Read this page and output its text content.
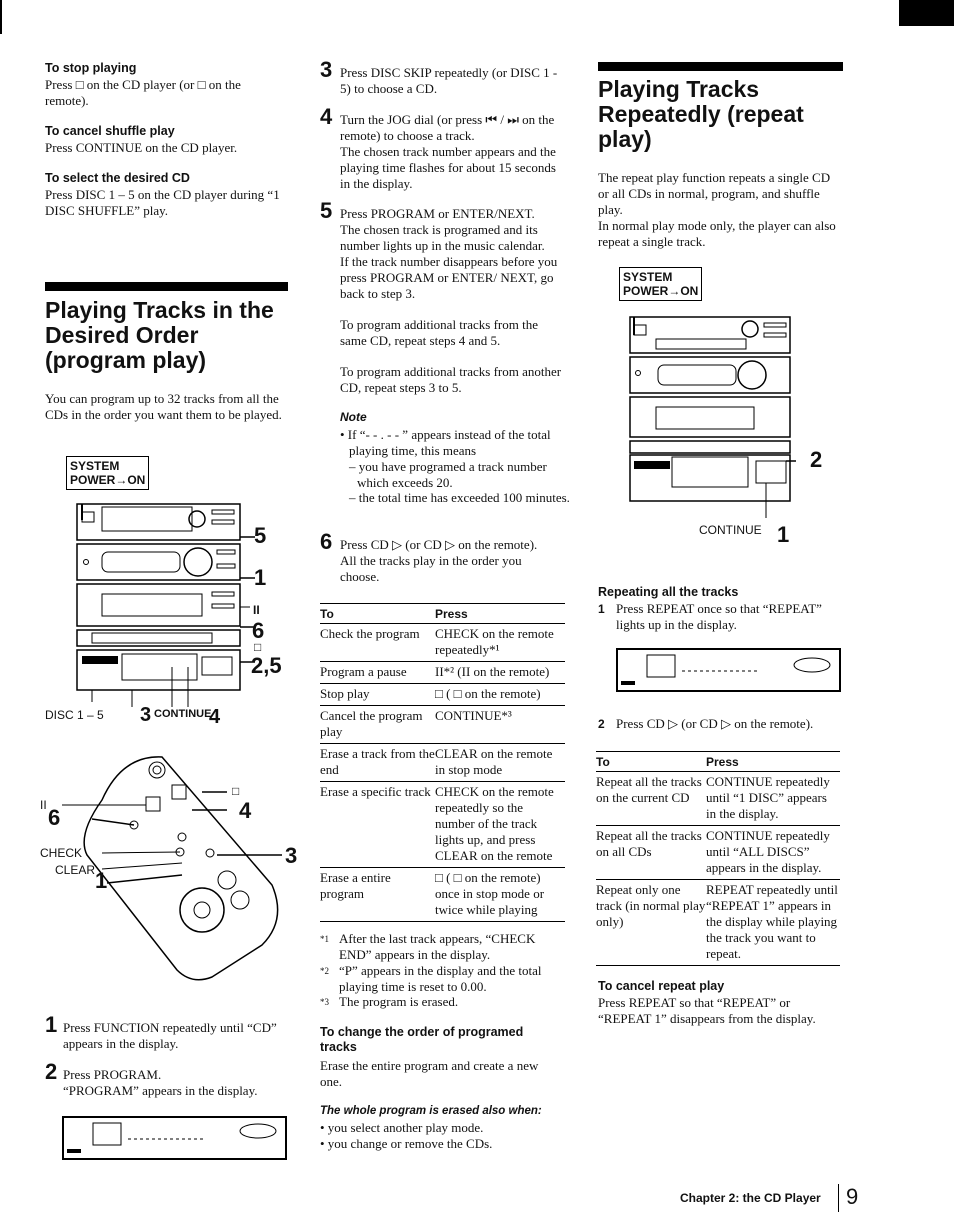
To stop playing
Press □ on the CD player (or □ on the remote).
To cancel shuffle play
Press CONTINUE on the CD player.
To select the desired CD
Press DISC 1 – 5 on the CD player during “1 DISC SHUFFLE” play.
Playing Tracks in the Desired Order (program play)
You can program up to 32 tracks from all the CDs in the order you want them to be played.
SYSTEM
POWER→ON
5
1
II
6
□
2,5
DISC 1 – 5 3 CONTINUE
4
II
□
6	4
3
CHECK
CLEAR 1
1 Press FUNCTION repeatedly until “CD” appears in the display.
2 Press PROGRAM.
“PROGRAM” appears in the display.
3 Press DISC SKIP repeatedly (or DISC 1 - 5) to choose a CD.
4 Turn the JOG dial (or press ⏮ / ⏭ on the remote) to choose a track.
The chosen track number appears and the playing time flashes for about 15 seconds in the display.
5 Press PROGRAM or ENTER/NEXT.
The chosen track is programed and its number lights up in the music calendar.
If the track number disappears before you press PROGRAM or ENTER/ NEXT, go back to step 3.
To program additional tracks from the same CD, repeat steps 4 and 5.
To program additional tracks from another CD, repeat steps 3 to 5.
Note
• If “- - . - - ” appears instead of the total playing time, this means
– you have programed a track number which exceeds 20.
– the total time has exceeded 100 minutes.
6 Press CD ▷ (or CD ▷ on the remote).
All the tracks play in the order you choose.
To	Press
Check the program	CHECK on the remote repeatedly*¹
Program a pause	II*² (II on the remote)
Stop play	□ ( □ on the remote)
Cancel the program play	CONTINUE*³
Erase a track from the end	CLEAR on the remote in stop mode
Erase a specific track	CHECK on the remote repeatedly so the number of the track lights up, and press CLEAR on the remote
Erase a entire program	□ ( □ on the remote) once in stop mode or twice while playing
*1 After the last track appears, “CHECK END” appears in the display.
*2 “P” appears in the display and the total playing time is reset to 0.00.
*3 The program is erased.
To change the order of programed tracks
Erase the entire program and create a new one.
The whole program is erased also when:
• you select another play mode.
• you change or remove the CDs.
Playing Tracks Repeatedly (repeat play)
The repeat play function repeats a single CD or all CDs in normal, program, and shuffle play.
In normal play mode only, the player can also repeat a single track.
SYSTEM
POWER→ON
2
CONTINUE 1
Repeating all the tracks
1 Press REPEAT once so that “REPEAT” lights up in the display.
2 Press CD ▷ (or CD ▷ on the remote).
To	Press
Repeat all the tracks on the current CD	CONTINUE repeatedly until “1 DISC” appears in the display.
Repeat all the tracks on all CDs	CONTINUE repeatedly until “ALL DISCS” appears in the display.
Repeat only one track (in normal play only)	REPEAT repeatedly until “REPEAT 1” appears in the display while playing the track you want to repeat.
To cancel repeat play
Press REPEAT so that “REPEAT” or “REPEAT 1” disappears from the display.
Chapter 2: the CD Player 9
